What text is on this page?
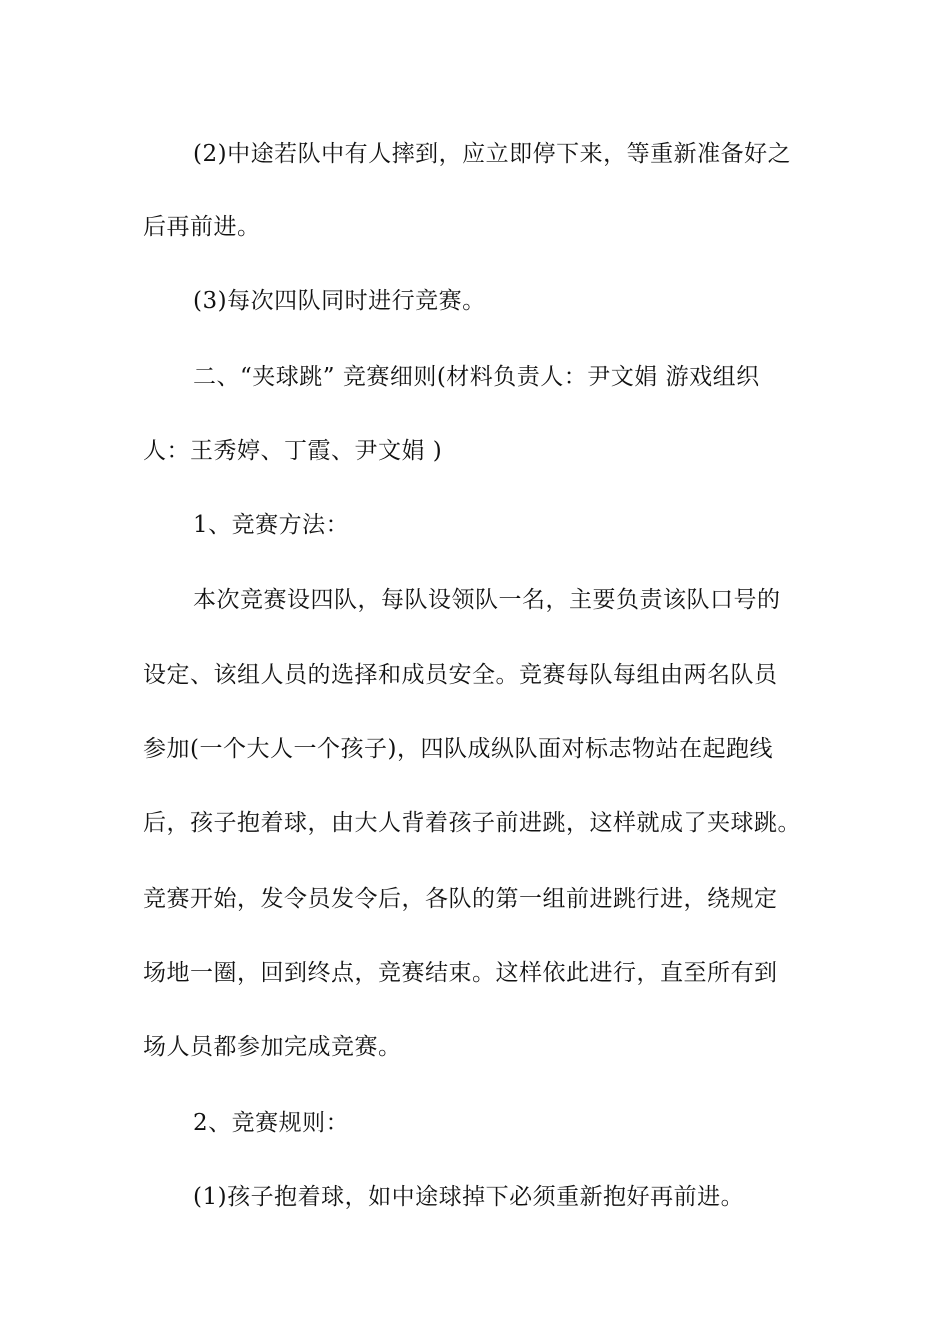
(2)中途若队中有人摔到，应立即停下来，等重新准备好之
后再前进。
(3)每次四队同时进行竞赛。
二、“夹球跳” 竞赛细则(材料负责人：尹文娟 游戏组织
人：王秀婷、丁霞、尹文娟 )
1、竞赛方法：
本次竞赛设四队，每队设领队一名，主要负责该队口号的
设定、该组人员的选择和成员安全。竞赛每队每组由两名队员
参加(一个大人一个孩子)，四队成纵队面对标志物站在起跑线
后，孩子抱着球，由大人背着孩子前进跳，这样就成了夹球跳。
竞赛开始，发令员发令后，各队的第一组前进跳行进，绕规定
场地一圈，回到终点，竞赛结束。这样依此进行，直至所有到
场人员都参加完成竞赛。
2、竞赛规则：
(1)孩子抱着球，如中途球掉下必须重新抱好再前进。
